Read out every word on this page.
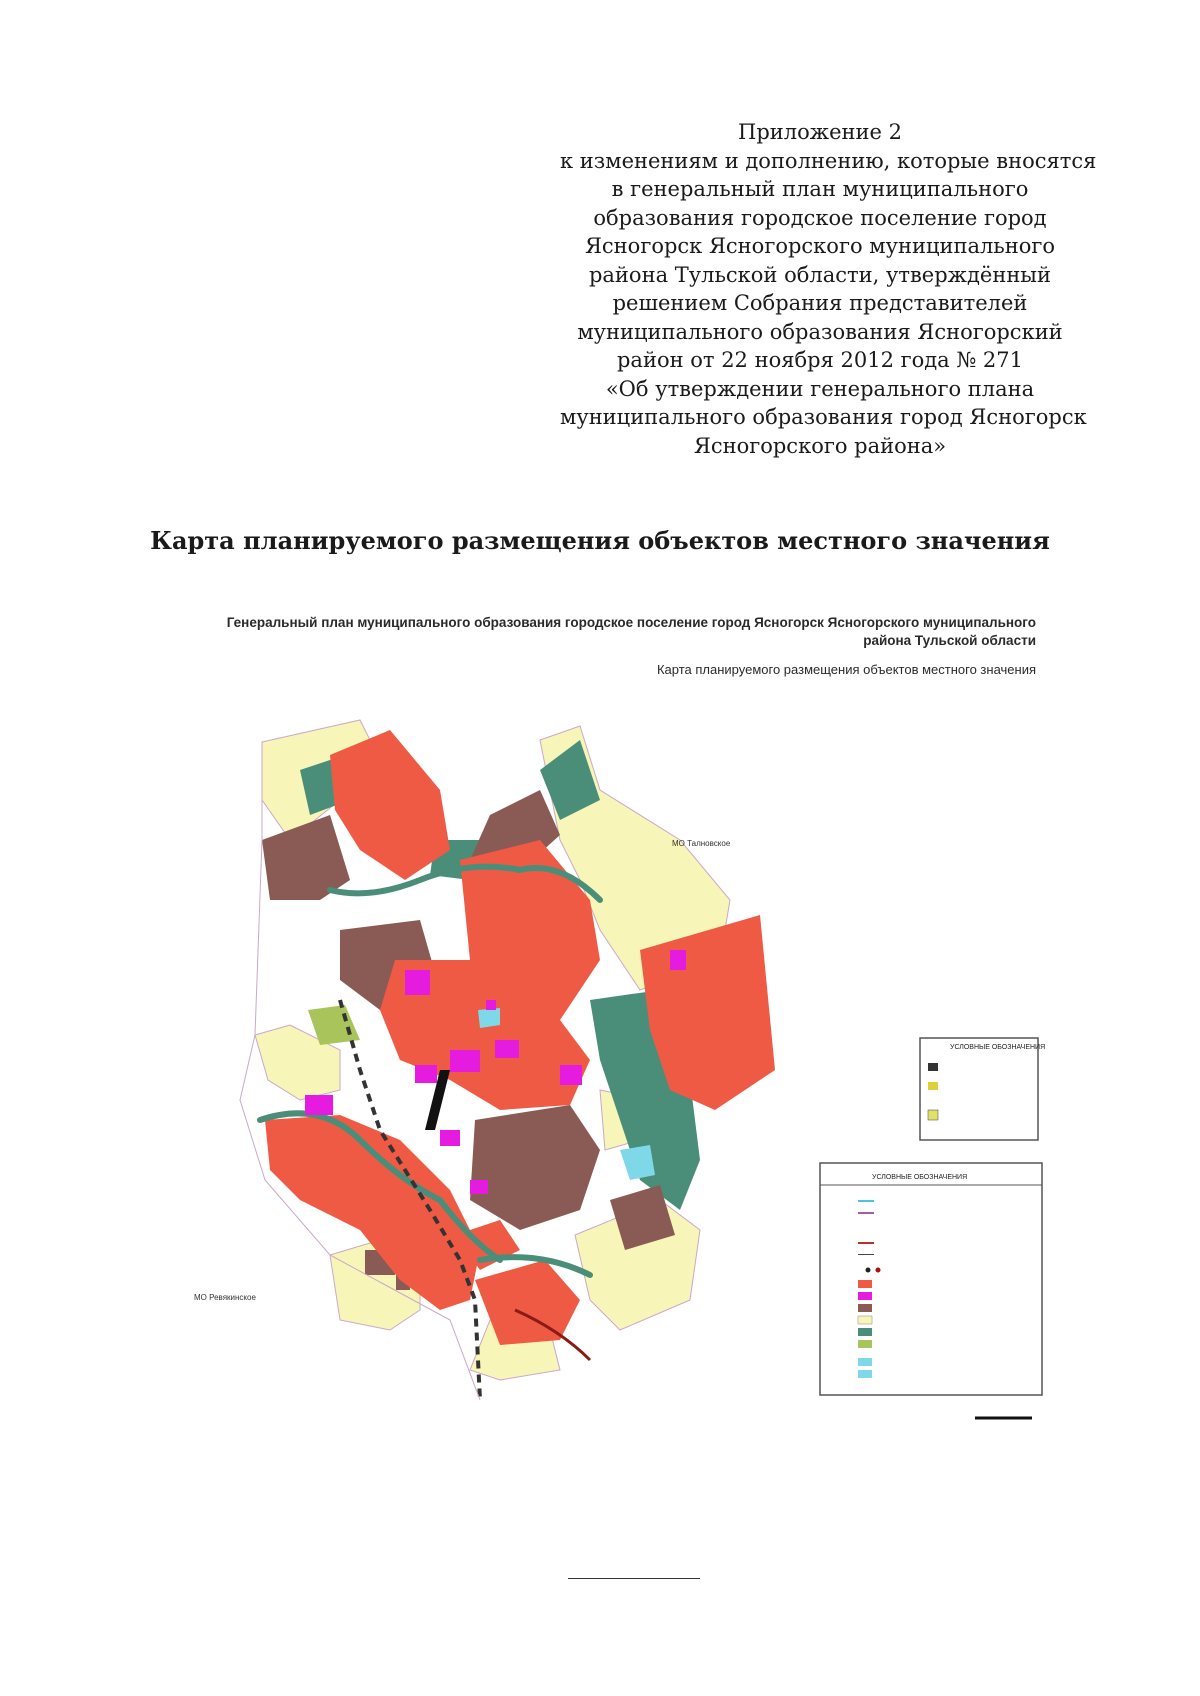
Приложение 2
к изменениям и дополнению, которые вносятся
в генеральный план муниципального
образования городское поселение город
Ясногорск Ясногорского муниципального
района Тульской области, утверждённый
решением Собрания представителей
муниципального образования Ясногорский
район от 22 ноября 2012 года № 271
«Об утверждении генерального плана
муниципального образования город Ясногорск
Ясногорского района»
Карта планируемого размещения объектов местного значения
Генеральный план муниципального образования городское поселение город Ясногорск Ясногорского муниципального
района Тульской области
Карта планируемого размещения объектов местного значения
МО Талновское
МО Ревякинское
УСЛОВНЫЕ ОБОЗНАЧЕНИЯ
УСЛОВНЫЕ ОБОЗНАЧЕНИЯ
